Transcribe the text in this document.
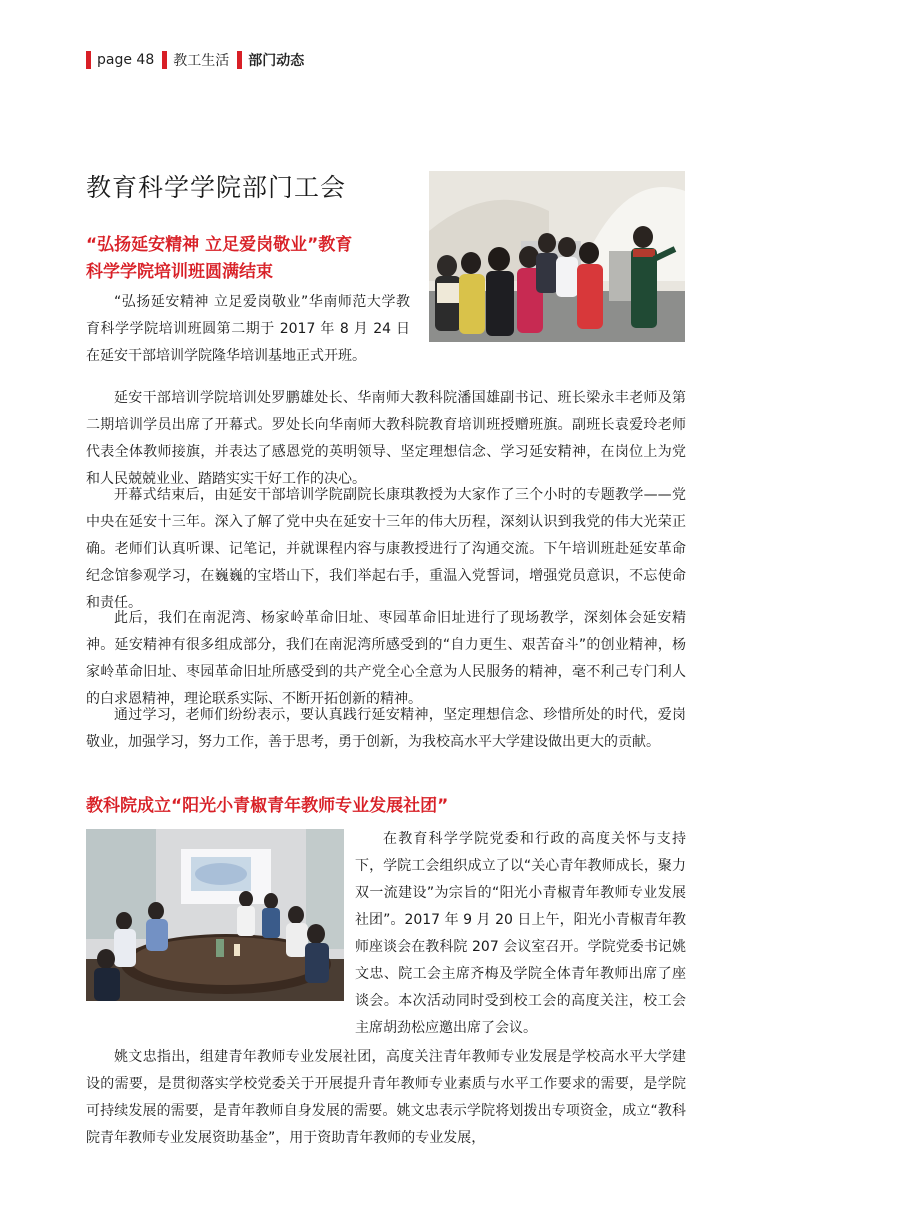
page 48 教工生活 部门动态
教育科学学院部门工会
“弘扬延安精神 立足爱岗敬业”教育
科学学院培训班圆满结束

“弘扬延安精神 立足爱岗敬业”华南师范大学教育科学学院培训班圆第二期于 2017 年 8 月 24 日在延安干部培训学院隆华培训基地正式开班。

延安干部培训学院培训处罗鹏雄处长、华南师大教科院潘国雄副书记、班长梁永丰老师及第二期培训学员出席了开幕式。罗处长向华南师大教科院教育培训班授赠班旗。副班长袁爱玲老师代表全体教师接旗，并表达了感恩党的英明领导、坚定理想信念、学习延安精神，在岗位上为党和人民兢兢业业、踏踏实实干好工作的决心。

开幕式结束后，由延安干部培训学院副院长康琪教授为大家作了三个小时的专题教学——党中央在延安十三年。深入了解了党中央在延安十三年的伟大历程，深刻认识到我党的伟大光荣正确。老师们认真听课、记笔记，并就课程内容与康教授进行了沟通交流。下午培训班赴延安革命纪念馆参观学习，在巍巍的宝塔山下，我们举起右手，重温入党誓词，增强党员意识，不忘使命和责任。

此后，我们在南泥湾、杨家岭革命旧址、枣园革命旧址进行了现场教学，深刻体会延安精神。延安精神有很多组成部分，我们在南泥湾所感受到的“自力更生、艰苦奋斗”的创业精神，杨家岭革命旧址、枣园革命旧址所感受到的共产党全心全意为人民服务的精神，毫不利己专门利人的白求恩精神，理论联系实际、不断开拓创新的精神。

通过学习，老师们纷纷表示，要认真践行延安精神，坚定理想信念、珍惜所处的时代，爱岗敬业，加强学习，努力工作，善于思考，勇于创新，为我校高水平大学建设做出更大的贡献。

教科院成立“阳光小青椒青年教师专业发展社团”

在教育科学学院党委和行政的高度关怀与支持下，学院工会组织成立了以“关心青年教师成长，聚力双一流建设”为宗旨的“阳光小青椒青年教师专业发展社团”。2017 年 9 月 20 日上午，阳光小青椒青年教师座谈会在教科院 207 会议室召开。学院党委书记姚文忠、院工会主席齐梅及学院全体青年教师出席了座谈会。本次活动同时受到校工会的高度关注，校工会主席胡劲松应邀出席了会议。

姚文忠指出，组建青年教师专业发展社团，高度关注青年教师专业发展是学校高水平大学建设的需要，是贯彻落实学校党委关于开展提升青年教师专业素质与水平工作要求的需要，是学院可持续发展的需要，是青年教师自身发展的需要。姚文忠表示学院将划拨出专项资金，成立“教科院青年教师专业发展资助基金”，用于资助青年教师的专业发展，
